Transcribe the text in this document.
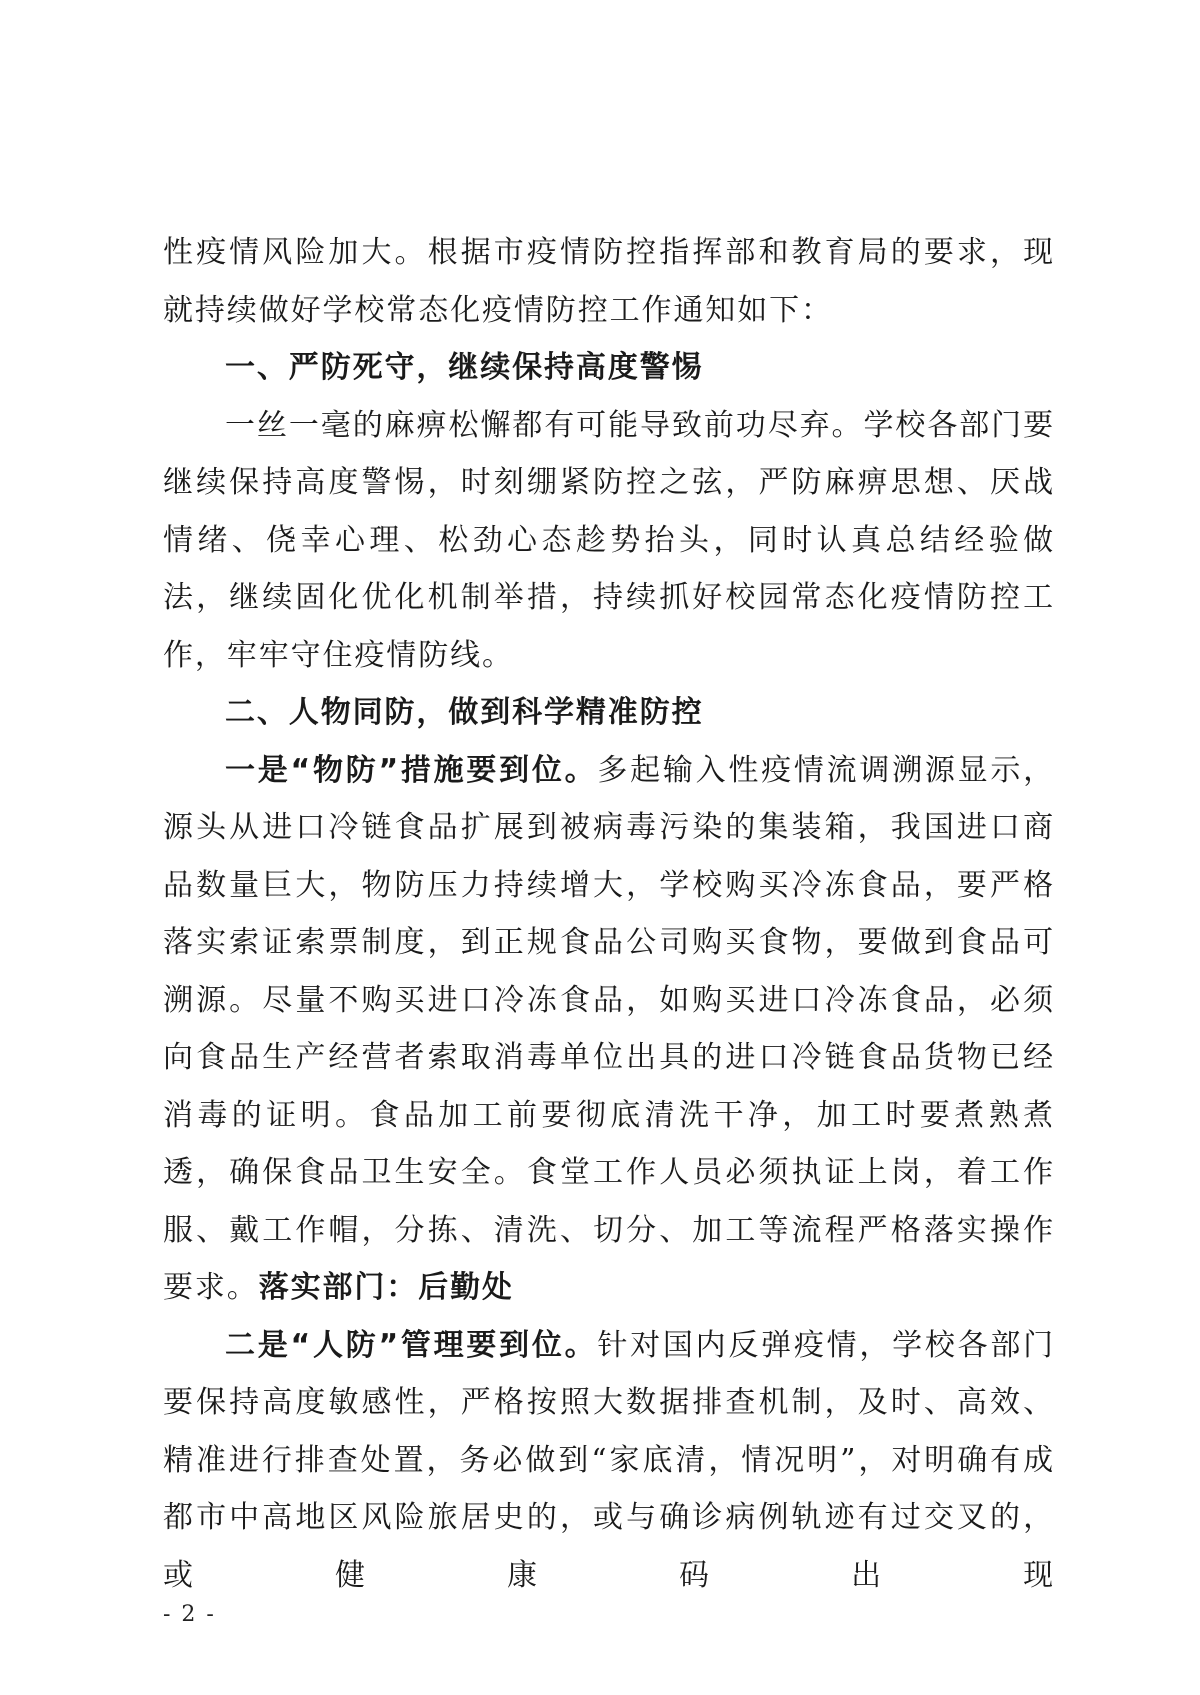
性疫情风险加大。根据市疫情防控指挥部和教育局的要求，现就持续做好学校常态化疫情防控工作通知如下：

一、严防死守，继续保持高度警惕

一丝一毫的麻痹松懈都有可能导致前功尽弃。学校各部门要继续保持高度警惕，时刻绷紧防控之弦，严防麻痹思想、厌战情绪、侥幸心理、松劲心态趁势抬头，同时认真总结经验做法，继续固化优化机制举措，持续抓好校园常态化疫情防控工作，牢牢守住疫情防线。

二、人物同防，做到科学精准防控

一是“物防”措施要到位。多起输入性疫情流调溯源显示，源头从进口冷链食品扩展到被病毒污染的集装箱，我国进口商品数量巨大，物防压力持续增大，学校购买冷冻食品，要严格落实索证索票制度，到正规食品公司购买食物，要做到食品可溯源。尽量不购买进口冷冻食品，如购买进口冷冻食品，必须向食品生产经营者索取消毒单位出具的进口冷链食品货物已经消毒的证明。食品加工前要彻底清洗干净，加工时要煮熟煮透，确保食品卫生安全。食堂工作人员必须执证上岗，着工作服、戴工作帽，分拣、清洗、切分、加工等流程严格落实操作要求。落实部门：后勤处

二是“人防”管理要到位。针对国内反弹疫情，学校各部门要保持高度敏感性，严格按照大数据排查机制，及时、高效、精准进行排查处置，务必做到“家底清，情况明”，对明确有成都市中高地区风险旅居史的，或与确诊病例轨迹有过交叉的，或健康码出现

- 2 -
